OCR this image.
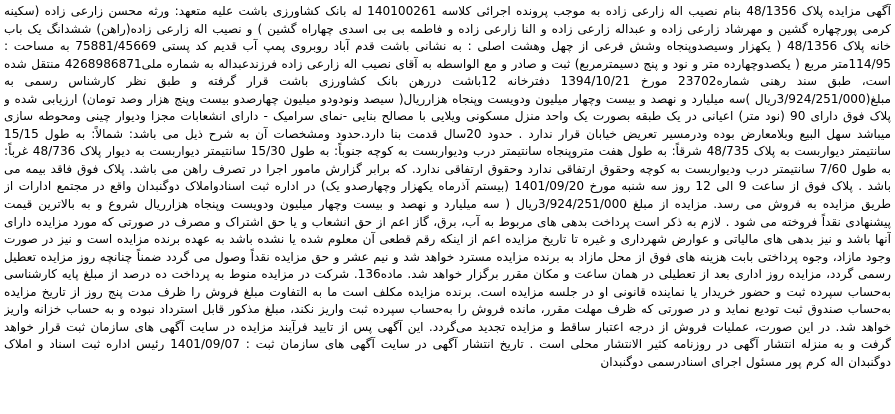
آگهی مزایده پلاک 48/1356 بنام نصیب اله زارعی زاده به موجب پرونده اجرائی کلاسه 140100261 له بانک کشاورزی باشت علیه متعهد: ورثه محسن زارعی زاده (سکینه کرمی پورچهاره گشین و مهرشاد زارعی زاده و عبداله زارعی زاده و النا زارعی زاده و فاطمه بی بی اسدی چهاراه گشین ) و نصیب اله زارعی زاده(راهن) ششدانگ یک باب خانه پلاک 48/1356 ( یکهزار وسیصدوپنجاه وشش فرعی از چهل وهشت اصلی : به نشانی باشت قدم آباد روبروی پمپ آب قدیم کد پستی 75881/45669 به مساحت : 114/95متر مربع ( یکصدوچهارده متر و نود و پنج دسیمترمربع) ثبت و صادر و مع الواسطه به آقای نصیب اله زارعی زاده فرزندعبداله به شماره ملی4268986871 منتقل شده است، طبق سند رهنی شماره23702 مورخ 1394/10/21 دفترخانه 12باشت دررهن بانک کشاورزی باشت قرار گرفته و طبق نظر کارشناس رسمی به مبلغ(3/924/251/000ریال )سه میلیارد و نهصد و بیست وچهار میلیون ودویست وپنجاه هزارریال( سیصد ونودودو میلیون چهارصدو بیست وپنج هزار وصد تومان) ارزیابی شده و پلاک فوق دارای 90 (نود متر) اعیانی در یک طبقه بصورت یک واحد منزل مسکونی ویلایی با مصالح بنایی -نمای سرامیک - دارای انشعابات مجزا ودیوار چینی ومحوطه سازی میباشد سهل البیع وبلامعارض بوده ودرمسیر تعریض خیابان قرار ندارد . حدود 20سال قدمت بنا دارد.حدود ومشخصات آن به شرح ذیل می باشد: شمالاً: به طول 15/15 سانتیمتر دیواربست به پلاک 48/735 شرقاً: به طول هفت متروپنجاه سانتیمتر درب ودیواربست به کوچه جنوباً: به طول 15/30 سانتیمتر دیواربست به دیوار پلاک 48/736 غرباً: به طول 7/60 سانتیمتر درب ودیواربست به کوچه وحقوق ارتفاقی ندارد وحقوق ارتفاقی ندارد. که برابر گزارش مامور اجرا در تصرف راهن می باشد. پلاک فوق فاقد بیمه می باشد . پلاک فوق از ساعت 9 الی 12 روز سه شنبه مورخ 1401/09/20 (بیستم آذرماه یکهزار وچهارصدو یک) در اداره ثبت اسنادواملاک دوگنبدان واقع در مجتمع ادارات از طریق مزایده به فروش می رسد. مزایده از مبلغ 3/924/251/000ریال ( سه میلیارد و نهصد و بیست وچهار میلیون ودویست وپنجاه هزارریال شروع و به بالاترین قیمت پیشنهادی نقداً فروخته می شود . لازم به ذکر است پرداخت بدهی های مربوط به آب، برق، گاز اعم از حق انشعاب و یا حق اشتراک و مصرف در صورتی که مورد مزایده دارای آنها باشد و نیز بدهی های مالیاتی و عوارض شهرداری و غیره تا تاریخ مزایده اعم از اینکه رقم قطعی آن معلوم شده یا نشده باشد به عهده برنده مزایده است و نیز در صورت وجود مازاد، وجوه پرداختی بابت هزینه های فوق از محل مازاد به برنده مزایده مسترد خواهد شد و نیم عشر و حق مزایده نقداً وصول می گردد ضمناً چنانچه روز مزایده تعطیل رسمی گردد، مزایده روز اداری بعد از تعطیلی در همان ساعت و مکان مقرر برگزار خواهد شد. ماده136. شرکت در مزایده منوط به پرداخت ده درصد از مبلغ پایه کارشناسی به‌حساب سپرده ثبت و حضور خریدار یا نماینده قانونی او در جلسه مزایده است. برنده مزایده مکلف است ما به التفاوت مبلغ فروش را ظرف مدت پنج روز از تاریخ مزایده به‌حساب صندوق ثبت تودیع نماید و در صورتی که ظرف مهلت مقرر، مانده فروش را به‌حساب سپرده ثبت واریز نکند، مبلغ مذکور قابل استرداد نبوده و به حساب خزانه واریز خواهد شد. در این صورت، عملیات فروش از درجه اعتبار ساقط و مزایده تجدید می‌گردد. این آگهی پس از تایید فرآیند مزایده در سایت آگهی های سازمان ثبت قرار خواهد گرفت و به منزله انتشار آگهی در روزنامه کثیر الانتشار محلی است . تاریخ انتشار آگهی در سایت آگهی های سازمان ثبت : 1401/09/07 رئیس اداره ثبت اسناد و املاک دوگنبدان اله کرم پور مسئول اجرای اسنادرسمی دوگنبدان
